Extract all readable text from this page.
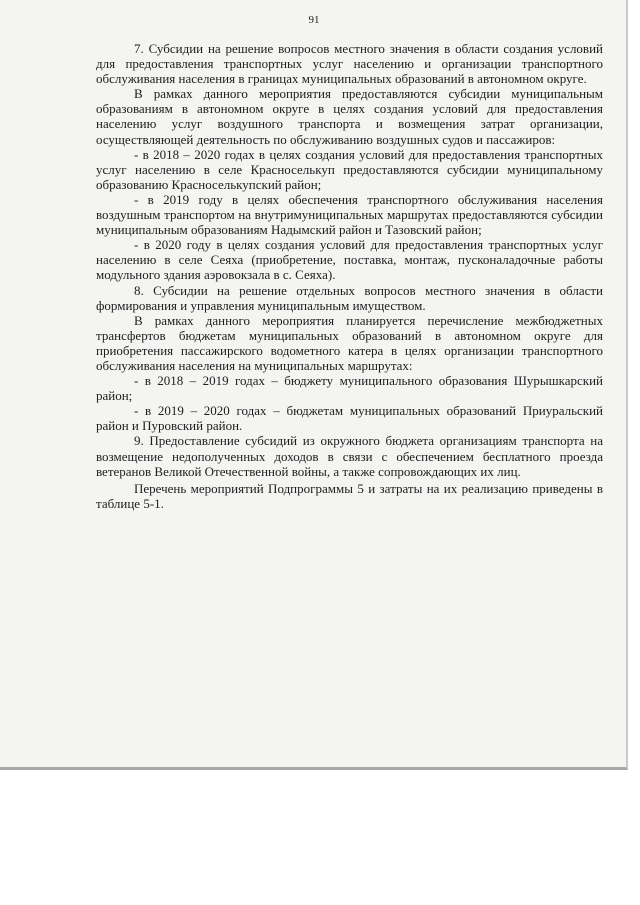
91

7. Субсидии на решение вопросов местного значения в области создания условий для предоставления транспортных услуг населению и организации транспортного обслуживания населения в границах муниципальных образований в автономном округе.

В рамках данного мероприятия предоставляются субсидии муниципальным образованиям в автономном округе в целях создания условий для предоставления населению услуг воздушного транспорта и возмещения затрат организации, осуществляющей деятельность по обслуживанию воздушных судов и пассажиров:

- в 2018 – 2020 годах в целях создания условий для предоставления транспортных услуг населению в селе Красноселькуп предоставляются субсидии муниципальному образованию Красноселькупский район;

- в 2019 году в целях обеспечения транспортного обслуживания населения воздушным транспортом на внутримуниципальных маршрутах предоставляются субсидии муниципальным образованиям Надымский район и Тазовский район;

- в 2020 году в целях создания условий для предоставления транспортных услуг населению в селе Сеяха (приобретение, поставка, монтаж, пусконаладочные работы модульного здания аэровокзала в с. Сеяха).

8. Субсидии на решение отдельных вопросов местного значения в области формирования и управления муниципальным имуществом.

В рамках данного мероприятия планируется перечисление межбюджетных трансфертов бюджетам муниципальных образований в автономном округе для приобретения пассажирского водометного катера в целях организации транспортного обслуживания населения на муниципальных маршрутах:

- в 2018 – 2019 годах – бюджету муниципального образования Шурышкарский район;

- в 2019 – 2020 годах – бюджетам муниципальных образований Приуральский район и Пуровский район.

9. Предоставление субсидий из окружного бюджета организациям транспорта на возмещение недополученных доходов в связи с обеспечением бесплатного проезда ветеранов Великой Отечественной войны, а также сопровождающих их лиц.

Перечень мероприятий Подпрограммы 5 и затраты на их реализацию приведены в таблице 5-1.
